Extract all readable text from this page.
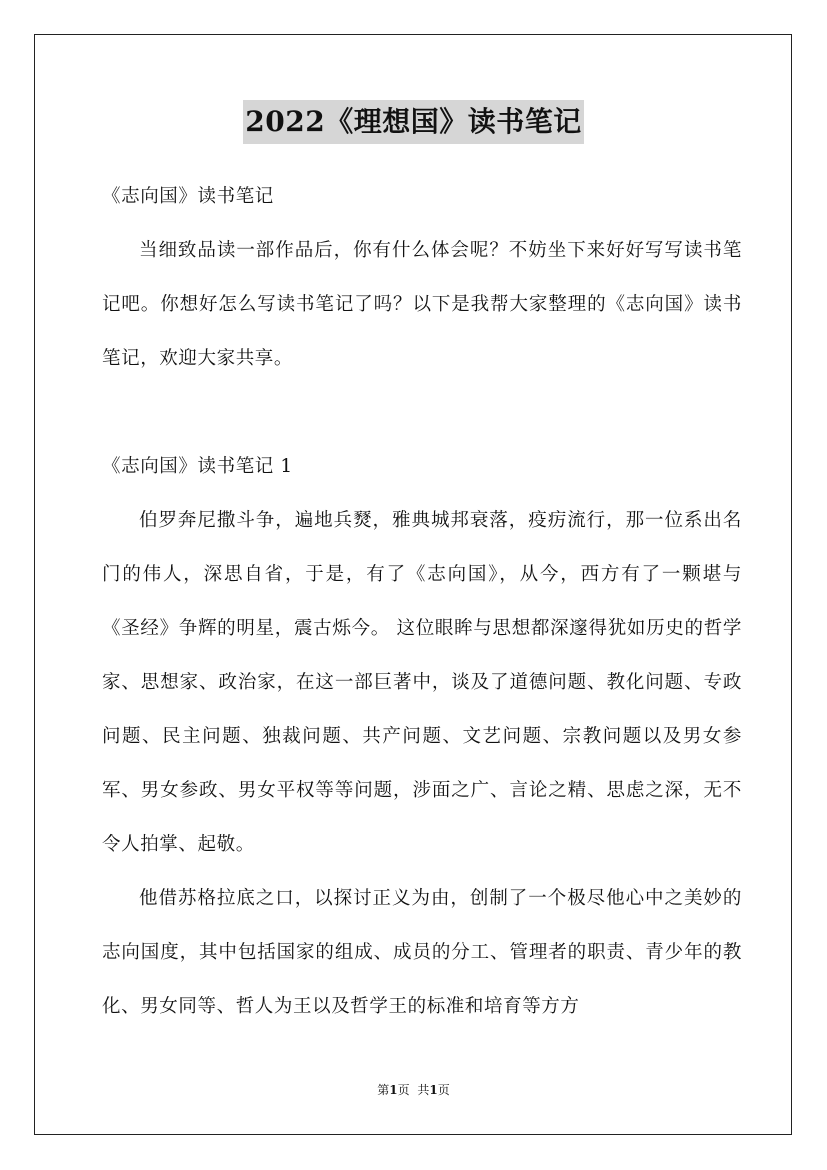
2022《理想国》读书笔记

《志向国》读书笔记

当细致品读一部作品后，你有什么体会呢？不妨坐下来好好写写读书笔记吧。你想好怎么写读书笔记了吗？以下是我帮大家整理的《志向国》读书笔记，欢迎大家共享。

《志向国》读书笔记 1

伯罗奔尼撒斗争，遍地兵燹，雅典城邦衰落，疫疠流行，那一位系出名门的伟人，深思自省，于是，有了《志向国》，从今，西方有了一颗堪与《圣经》争辉的明星，震古烁今。 这位眼眸与思想都深邃得犹如历史的哲学家、思想家、政治家，在这一部巨著中，谈及了道德问题、教化问题、专政问题、民主问题、独裁问题、共产问题、文艺问题、宗教问题以及男女参军、男女参政、男女平权等等问题，涉面之广、言论之精、思虑之深，无不令人拍掌、起敬。

他借苏格拉底之口，以探讨正义为由，创制了一个极尽他心中之美妙的志向国度，其中包括国家的组成、成员的分工、管理者的职责、青少年的教化、男女同等、哲人为王以及哲学王的标准和培育等方方

第1页 共1页
